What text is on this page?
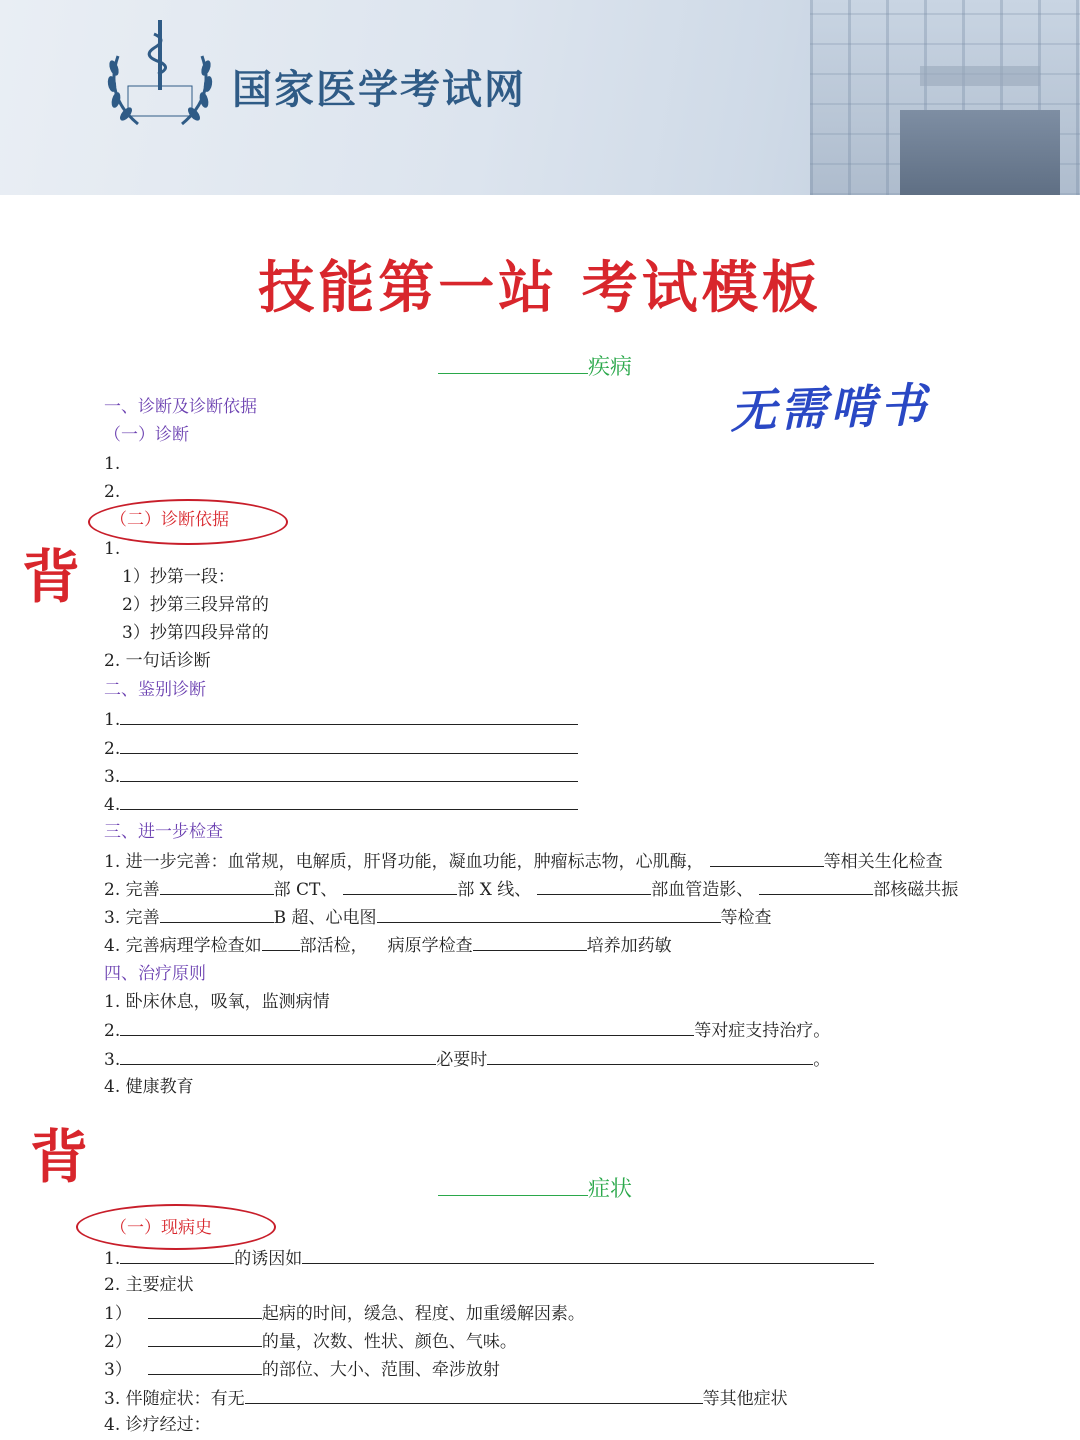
国家医学考试网
技能第一站 考试模板
疾病
无需啃书
一、诊断及诊断依据
（一）诊断
1.
2.
（二）诊断依据
背 1.
1）抄第一段：
2）抄第三段异常的
3）抄第四段异常的
2. 一句话诊断
二、鉴别诊断
1.
2.
3.
4.
三、进一步检查
1. 进一步完善：血常规，电解质，肝肾功能，凝血功能，肿瘤标志物，心肌酶，	等相关生化检查
2. 完善	部 CT、	部 X 线、	部血管造影、	部核磁共振
3. 完善	B 超、心电图	等检查
4. 完善病理学检查如 部活检， 病原学检查	培养加药敏
四、治疗原则
1. 卧床休息，吸氧，监测病情
2.	等对症支持治疗。
3.	必要时	。
4. 健康教育
背	症状
（一）现病史
1.	的诱因如
2. 主要症状
1）	起病的时间，缓急、程度、加重缓解因素。
2）	的量，次数、性状、颜色、气味。
3）	的部位、大小、范围、牵涉放射
3. 伴随症状：有无	等其他症状
4. 诊疗经过：
